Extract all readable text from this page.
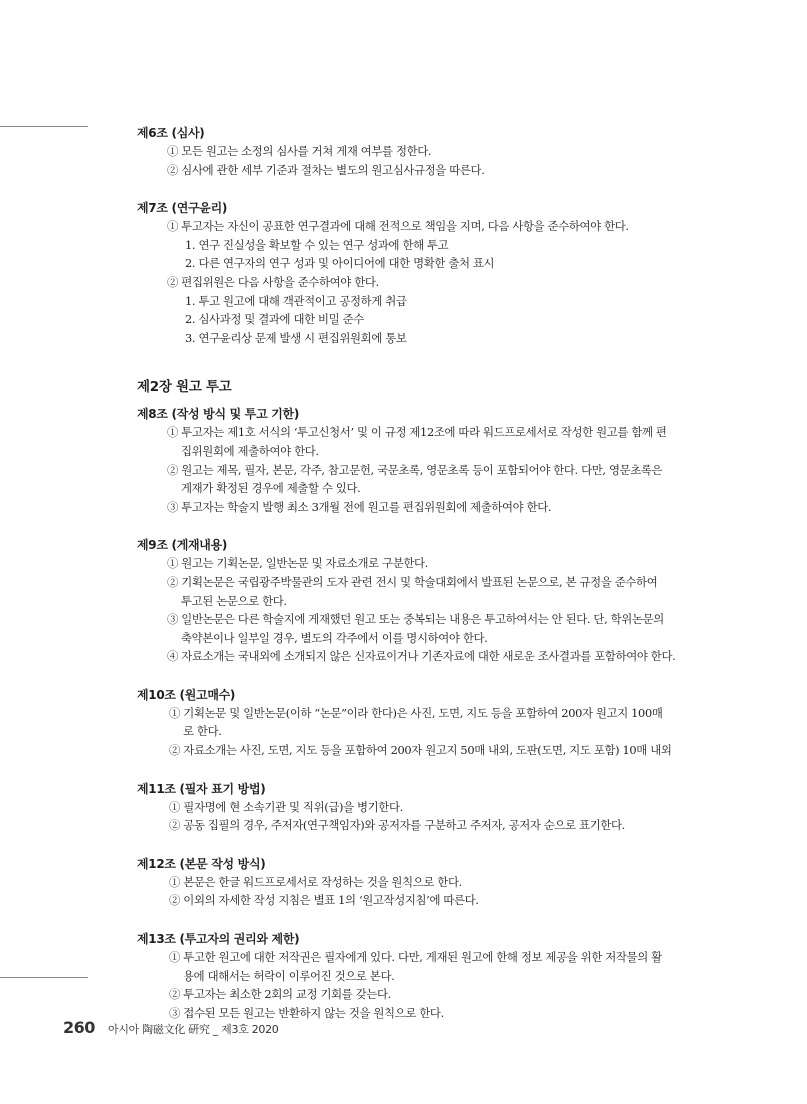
제6조 (심사)
① 모든 원고는 소정의 심사를 거쳐 게재 여부를 정한다.
② 심사에 관한 세부 기준과 절차는 별도의 원고심사규정을 따른다.
제7조 (연구윤리)
① 투고자는 자신이 공표한 연구결과에 대해 전적으로 책임을 지며, 다음 사항을 준수하여야 한다.
1. 연구 진실성을 확보할 수 있는 연구 성과에 한해 투고
2. 다른 연구자의 연구 성과 및 아이디어에 대한 명확한 출처 표시
② 편집위원은 다음 사항을 준수하여야 한다.
1. 투고 원고에 대해 객관적이고 공정하게 취급
2. 심사과정 및 결과에 대한 비밀 준수
3. 연구윤리상 문제 발생 시 편집위원회에 통보
제2장 원고 투고
제8조 (작성 방식 및 투고 기한)
① 투고자는 제1호 서식의 ‘투고신청서’ 및 이 규정 제12조에 따라 워드프로세서로 작성한 원고를 함께 편
집위원회에 제출하여야 한다.
② 원고는 제목, 필자, 본문, 각주, 참고문헌, 국문초록, 영문초록 등이 포함되어야 한다. 다만, 영문초록은
게재가 확정된 경우에 제출할 수 있다.
③ 투고자는 학술지 발행 최소 3개월 전에 원고를 편집위원회에 제출하여야 한다.
제9조 (게재내용)
① 원고는 기획논문, 일반논문 및 자료소개로 구분한다.
② 기획논문은 국립광주박물관의 도자 관련 전시 및 학술대회에서 발표된 논문으로, 본 규정을 준수하여
투고된 논문으로 한다.
③ 일반논문은 다른 학술지에 게재했던 원고 또는 중복되는 내용은 투고하여서는 안 된다. 단, 학위논문의
축약본이나 일부일 경우, 별도의 각주에서 이를 명시하여야 한다.
④ 자료소개는 국내외에 소개되지 않은 신자료이거나 기존자료에 대한 새로운 조사결과를 포함하여야 한다.
제10조 (원고매수)
① 기획논문 및 일반논문(이하 “논문”이라 한다)은 사진, 도면, 지도 등을 포함하여 200자 원고지 100매
로 한다.
② 자료소개는 사진, 도면, 지도 등을 포함하여 200자 원고지 50매 내외, 도판(도면, 지도 포함) 10매 내외
제11조 (필자 표기 방법)
① 필자명에 현 소속기관 및 직위(급)을 병기한다.
② 공동 집필의 경우, 주저자(연구책임자)와 공저자를 구분하고 주저자, 공저자 순으로 표기한다.
제12조 (본문 작성 방식)
① 본문은 한글 워드프로세서로 작성하는 것을 원칙으로 한다.
② 이외의 자세한 작성 지침은 별표 1의 ‘원고작성지침’에 따른다.
제13조 (투고자의 권리와 제한)
① 투고한 원고에 대한 저작권은 필자에게 있다. 다만, 게재된 원고에 한해 정보 제공을 위한 저작물의 활
용에 대해서는 허락이 이루어진 것으로 본다.
② 투고자는 최소한 2회의 교정 기회를 갖는다.
③ 접수된 모든 원고는 반환하지 않는 것을 원칙으로 한다.
260 아시아 陶磁文化 硏究 _ 제3호 2020
